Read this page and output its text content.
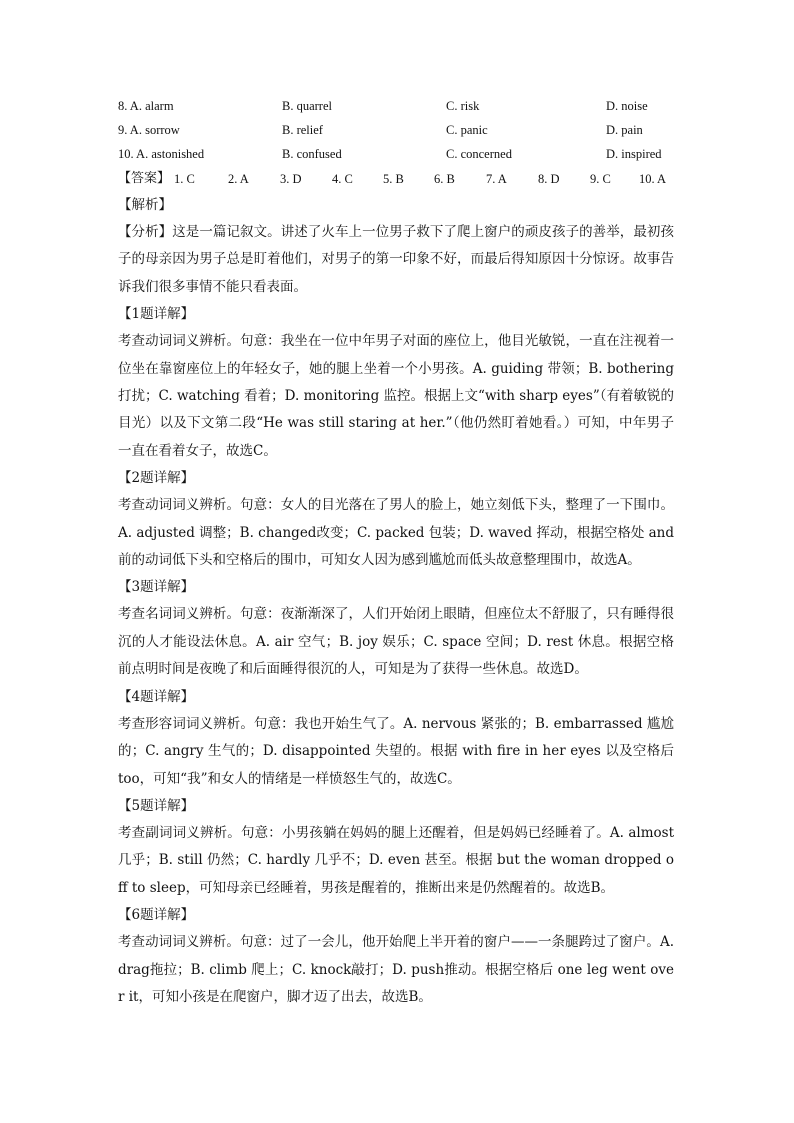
8. A. alarm	B. quarrel	C. risk	D. noise
9. A. sorrow	B. relief	C. panic	D. pain
10. A. astonished	B. confused	C. concerned	D. inspired
【答案】 1. C	2. A 3. D 4. C 5. B 6. B 7. A 8. D 9. C 10. A
【解析】

【分析】这是一篇记叙文。讲述了火车上一位男子救下了爬上窗户的顽皮孩子的善举，最初孩子的母亲因为男子总是盯着他们，对男子的第一印象不好，而最后得知原因十分惊讶。故事告诉我们很多事情不能只看表面。

【1题详解】

考查动词词义辨析。句意：我坐在一位中年男子对面的座位上，他目光敏锐，一直在注视着一位坐在靠窗座位上的年轻女子，她的腿上坐着一个小男孩。A. guiding 带领；B. bothering 打扰；C. watching 看着；D. monitoring 监控。根据上文“with sharp eyes”（有着敏锐的目光）以及下文第二段“He was still staring at her.”（他仍然盯着她看。）可知，中年男子一直在看着女子，故选C。

【2题详解】

考查动词词义辨析。句意：女人的目光落在了男人的脸上，她立刻低下头，整理了一下围巾。A. adjusted 调整；B. changed改变；C. packed 包装；D. waved 挥动，根据空格处 and 前的动词低下头和空格后的围巾，可知女人因为感到尴尬而低头故意整理围巾，故选A。

【3题详解】

考查名词词义辨析。句意：夜渐渐深了，人们开始闭上眼睛，但座位太不舒服了，只有睡得很沉的人才能设法休息。A. air 空气；B. joy 娱乐；C. space 空间；D. rest 休息。根据空格前点明时间是夜晚了和后面睡得很沉的人，可知是为了获得一些休息。故选D。

【4题详解】

考查形容词词义辨析。句意：我也开始生气了。A. nervous 紧张的；B. embarrassed 尴尬的；C. angry 生气的；D. disappointed 失望的。根据 with fire in her eyes 以及空格后 too，可知“我”和女人的情绪是一样愤怒生气的，故选C。

【5题详解】

考查副词词义辨析。句意：小男孩躺在妈妈的腿上还醒着，但是妈妈已经睡着了。A. almost 几乎；B. still 仍然；C. hardly 几乎不；D. even 甚至。根据 but the woman dropped off to sleep，可知母亲已经睡着，男孩是醒着的，推断出来是仍然醒着的。故选B。

【6题详解】

考查动词词义辨析。句意：过了一会儿，他开始爬上半开着的窗户——一条腿跨过了窗户。A. drag拖拉；B. climb 爬上；C. knock敲打；D. push推动。根据空格后 one leg went over it，可知小孩是在爬窗户，脚才迈了出去，故选B。
